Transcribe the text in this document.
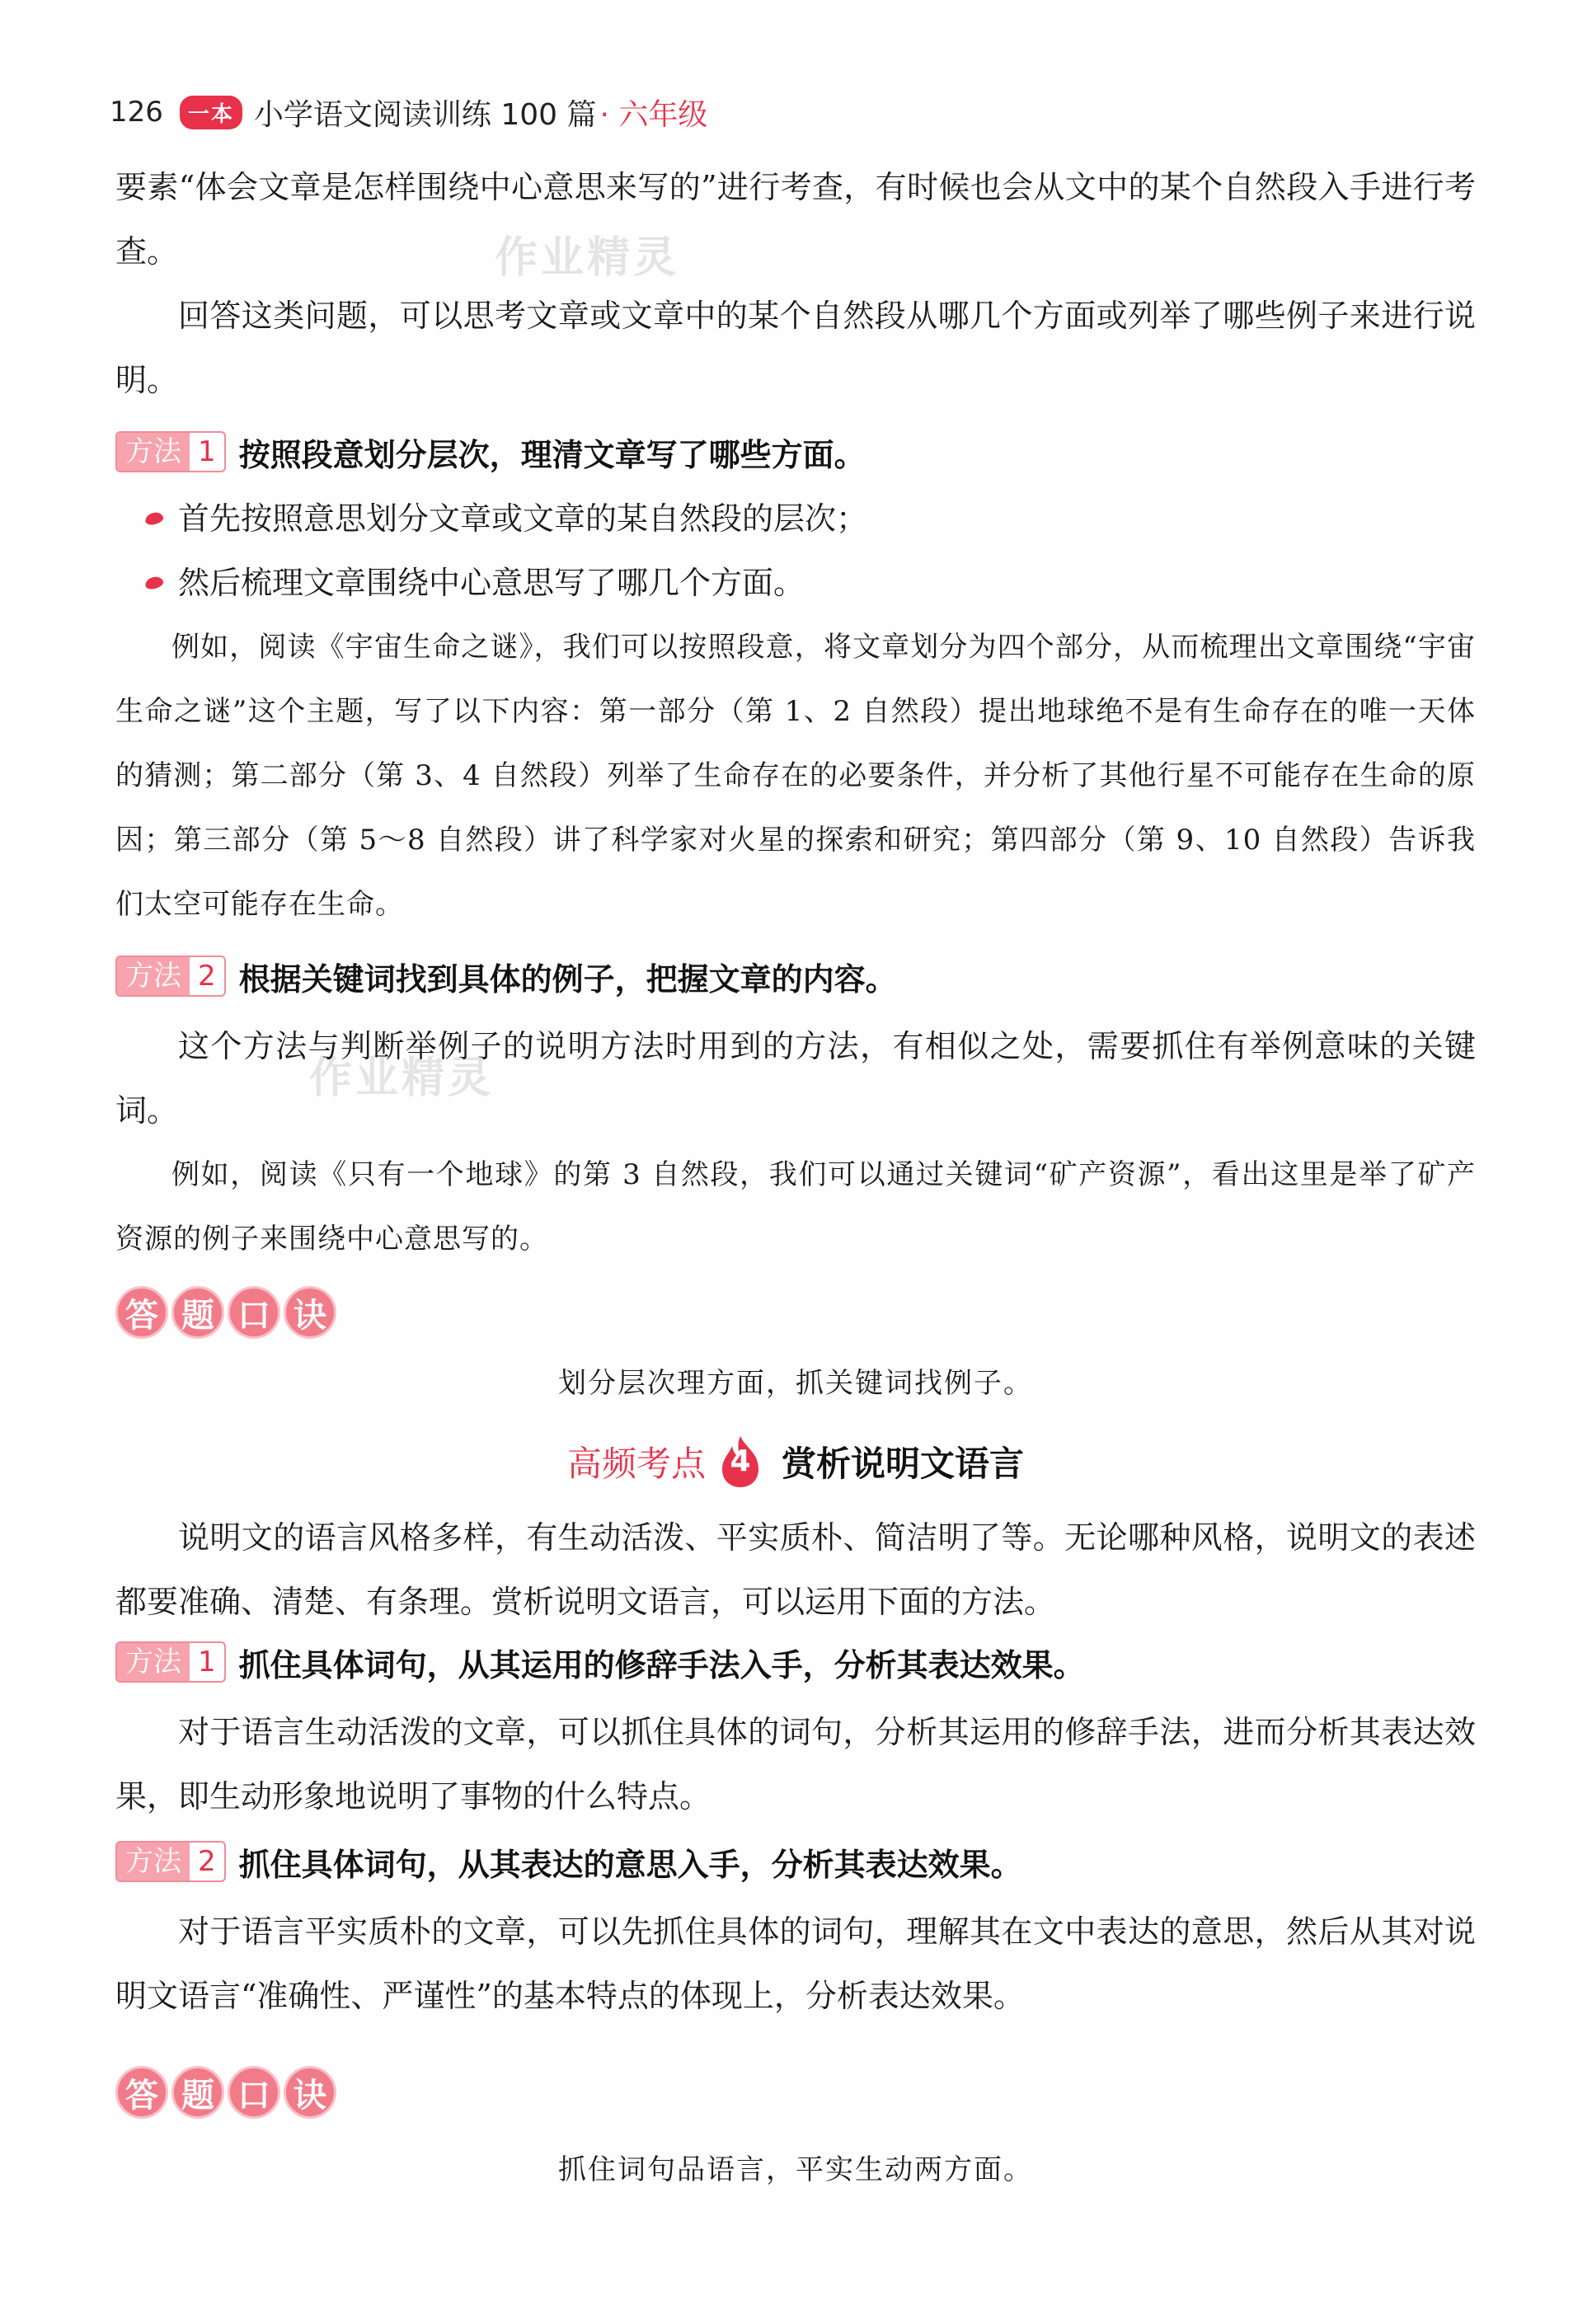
126	一本 小学语文阅读训练 100 篇 · 六年级
作业精灵
作业精灵

要素“体会文章是怎样围绕中心意思来写的”进行考查，有时候也会从文中的某个自然段入手进行考查。

回答这类问题，可以思考文章或文章中的某个自然段从哪几个方面或列举了哪些例子来进行说明。

方法 1 按照段意划分层次，理清文章写了哪些方面。
首先按照意思划分文章或文章的某自然段的层次；
然后梳理文章围绕中心意思写了哪几个方面。

例如，阅读《宇宙生命之谜》，我们可以按照段意，将文章划分为四个部分，从而梳理出文章围绕“宇宙生命之谜”这个主题，写了以下内容：第一部分（第 1、2 自然段）提出地球绝不是有生命存在的唯一天体的猜测；第二部分（第 3、4 自然段）列举了生命存在的必要条件，并分析了其他行星不可能存在生命的原因；第三部分（第 5～8 自然段）讲了科学家对火星的探索和研究；第四部分（第 9、10 自然段）告诉我们太空可能存在生命。

方法 2 根据关键词找到具体的例子，把握文章的内容。

这个方法与判断举例子的说明方法时用到的方法，有相似之处，需要抓住有举例意味的关键词。

例如，阅读《只有一个地球》的第 3 自然段，我们可以通过关键词“矿产资源”，看出这里是举了矿产资源的例子来围绕中心意思写的。

答 题 口 诀
划分层次理方面，抓关键词找例子。
高频考点 4 赏析说明文语言

说明文的语言风格多样，有生动活泼、平实质朴、简洁明了等。无论哪种风格，说明文的表述都要准确、清楚、有条理。赏析说明文语言，可以运用下面的方法。

方法 1 抓住具体词句，从其运用的修辞手法入手，分析其表达效果。

对于语言生动活泼的文章，可以抓住具体的词句，分析其运用的修辞手法，进而分析其表达效果，即生动形象地说明了事物的什么特点。

方法 2 抓住具体词句，从其表达的意思入手，分析其表达效果。

对于语言平实质朴的文章，可以先抓住具体的词句，理解其在文中表达的意思，然后从其对说明文语言“准确性、严谨性”的基本特点的体现上，分析表达效果。

答 题 口 诀
抓住词句品语言，平实生动两方面。
